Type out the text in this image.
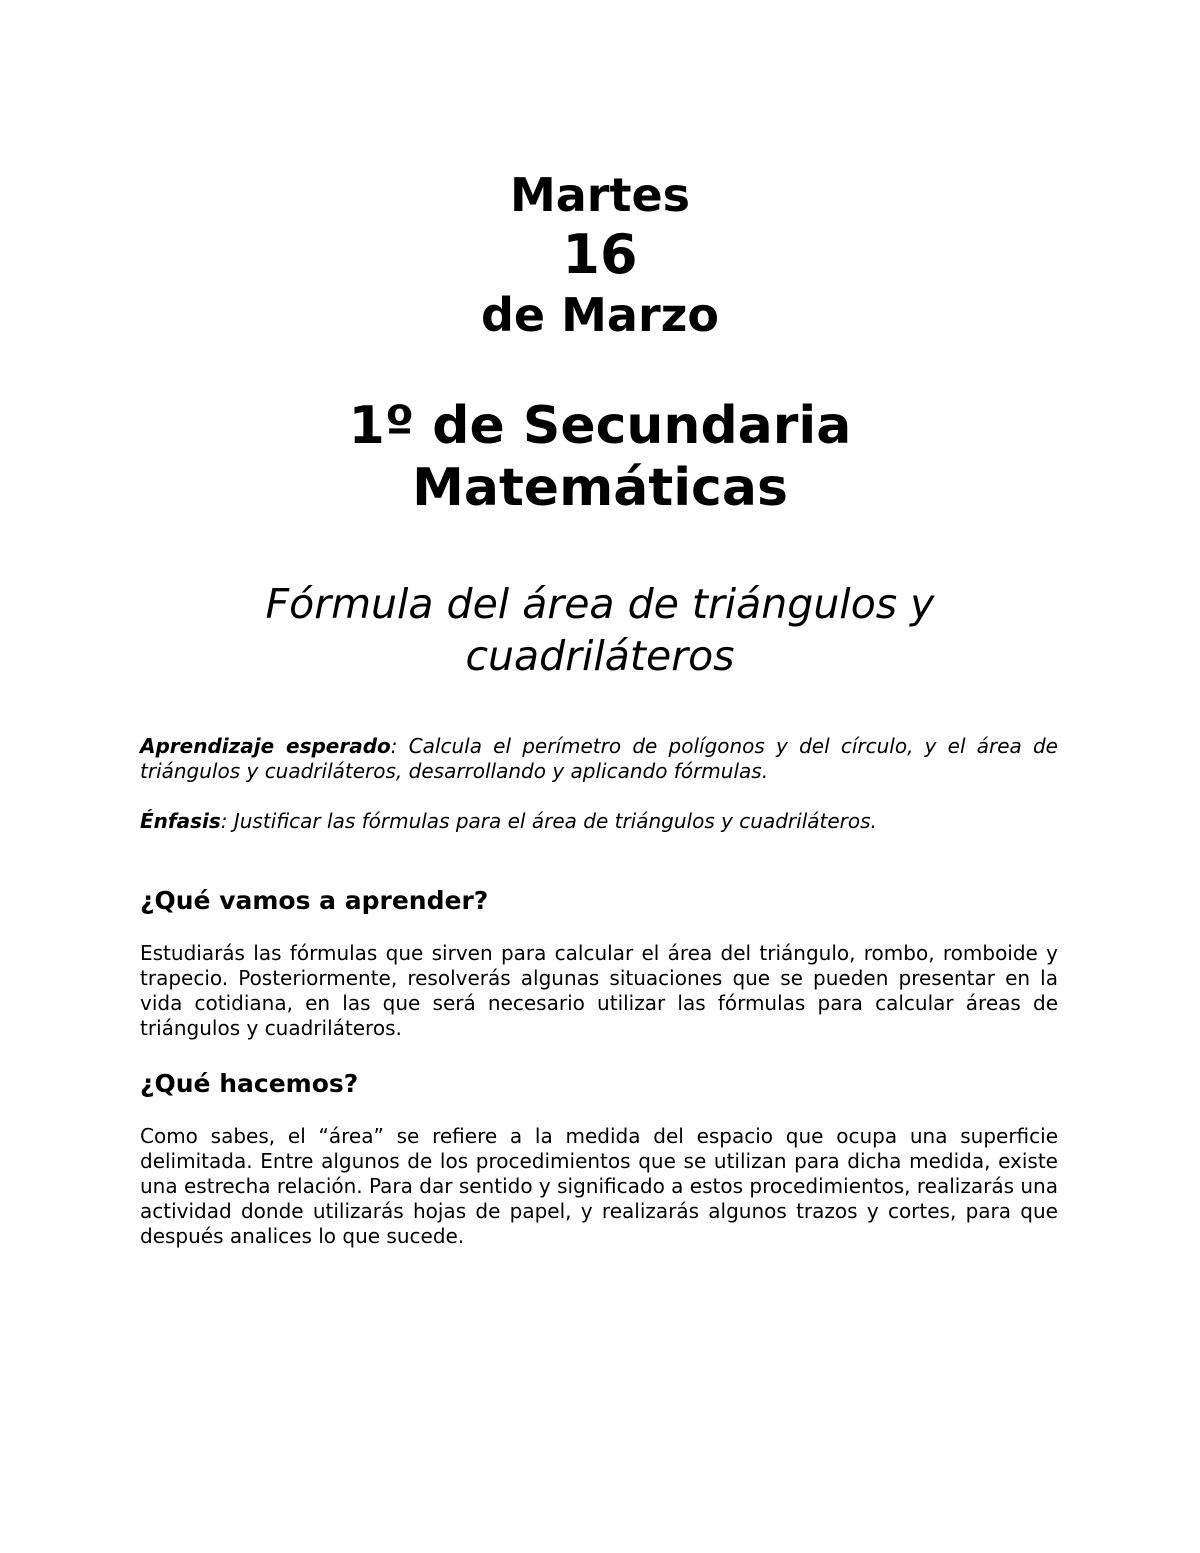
Martes
16
de Marzo
1º de Secundaria
Matemáticas
Fórmula del área de triángulos y cuadriláteros
Aprendizaje esperado: Calcula el perímetro de polígonos y del círculo, y el área de triángulos y cuadriláteros, desarrollando y aplicando fórmulas.
Énfasis: Justificar las fórmulas para el área de triángulos y cuadriláteros.
¿Qué vamos a aprender?
Estudiarás las fórmulas que sirven para calcular el área del triángulo, rombo, romboide y trapecio. Posteriormente, resolverás algunas situaciones que se pueden presentar en la vida cotidiana, en las que será necesario utilizar las fórmulas para calcular áreas de triángulos y cuadriláteros.
¿Qué hacemos?
Como sabes, el “área” se refiere a la medida del espacio que ocupa una superficie delimitada. Entre algunos de los procedimientos que se utilizan para dicha medida, existe una estrecha relación. Para dar sentido y significado a estos procedimientos, realizarás una actividad donde utilizarás hojas de papel, y realizarás algunos trazos y cortes, para que después analices lo que sucede.
